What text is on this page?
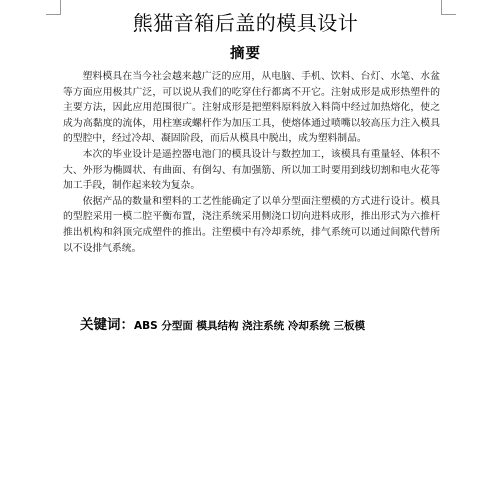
熊猫音箱后盖的模具设计
摘要

塑料模具在当今社会越来越广泛的应用，从电脑、手机、饮料、台灯、水笔、水盆等方面应用极其广泛，可以说从我们的吃穿住行都离不开它。注射成形是成形热塑件的主要方法，因此应用范围很广。注射成形是把塑料原料放入料筒中经过加热熔化，使之成为高黏度的流体，用柱塞或螺杆作为加压工具，使熔体通过喷嘴以较高压力注入模具的型腔中，经过冷却、凝固阶段，而后从模具中脱出，成为塑料制品。

本次的毕业设计是遥控器电池门的模具设计与数控加工，该模具有重量轻、体积不大、外形为椭圆状、有曲面、有倒勾、有加强筋、所以加工时要用到线切割和电火花等加工手段，制作起来较为复杂。

依据产品的数量和塑料的工艺性能确定了以单分型面注塑模的方式进行设计。模具的型腔采用一模二腔平衡布置，浇注系统采用侧浇口切向进料成形，推出形式为六推杆推出机构和斜顶完成塑件的推出。注塑模中有冷却系统，排气系统可以通过间隙代替所以不设排气系统。

关键词：ABS 分型面 模具结构 浇注系统 冷却系统 三板模
